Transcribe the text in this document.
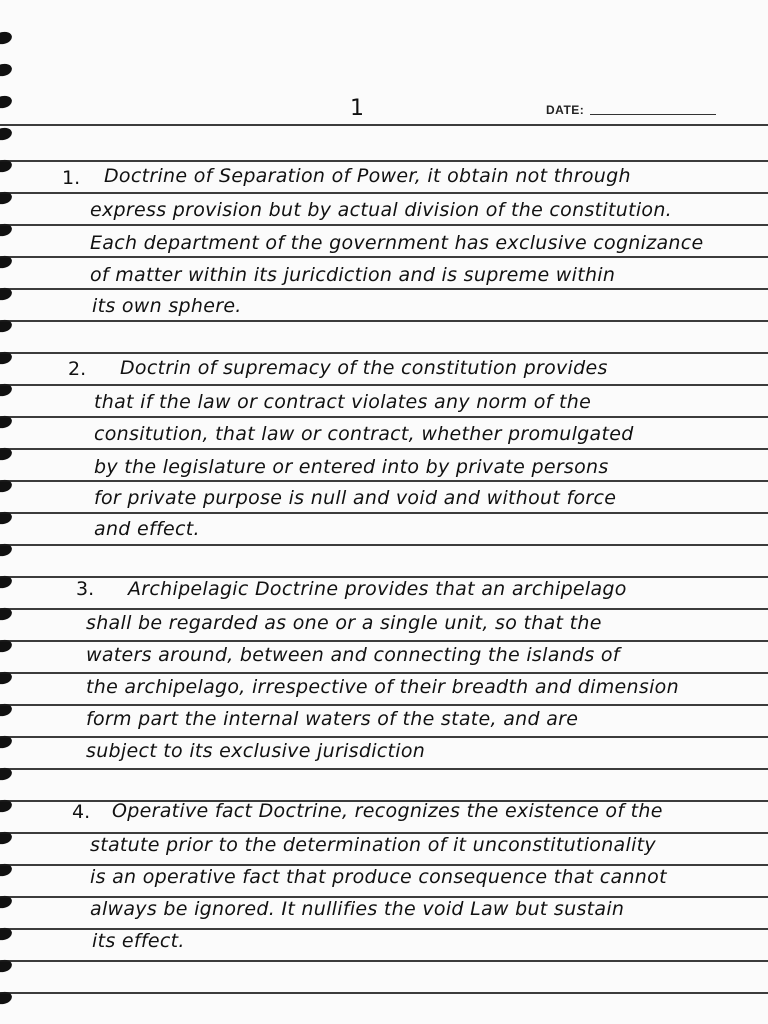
1	DATE:
1. Doctrine of Separation of Power, it obtain not through
express provision but by actual division of the constitution.
Each department of the government has exclusive cognizance
of matter within its juricdiction and is supreme within
its own sphere.
2. Doctrin of supremacy of the constitution provides
that if the law or contract violates any norm of the
consitution, that law or contract, whether promulgated
by the legislature or entered into by private persons
for private purpose is null and void and without force
and effect.
3. Archipelagic Doctrine provides that an archipelago
shall be regarded as one or a single unit, so that the
waters around, between and connecting the islands of
the archipelago, irrespective of their breadth and dimension
form part the internal waters of the state, and are
subject to its exclusive jurisdiction
4. Operative fact Doctrine, recognizes the existence of the
statute prior to the determination of it unconstitutionality
is an operative fact that produce consequence that cannot
always be ignored. It nullifies the void Law but sustain
its effect.
